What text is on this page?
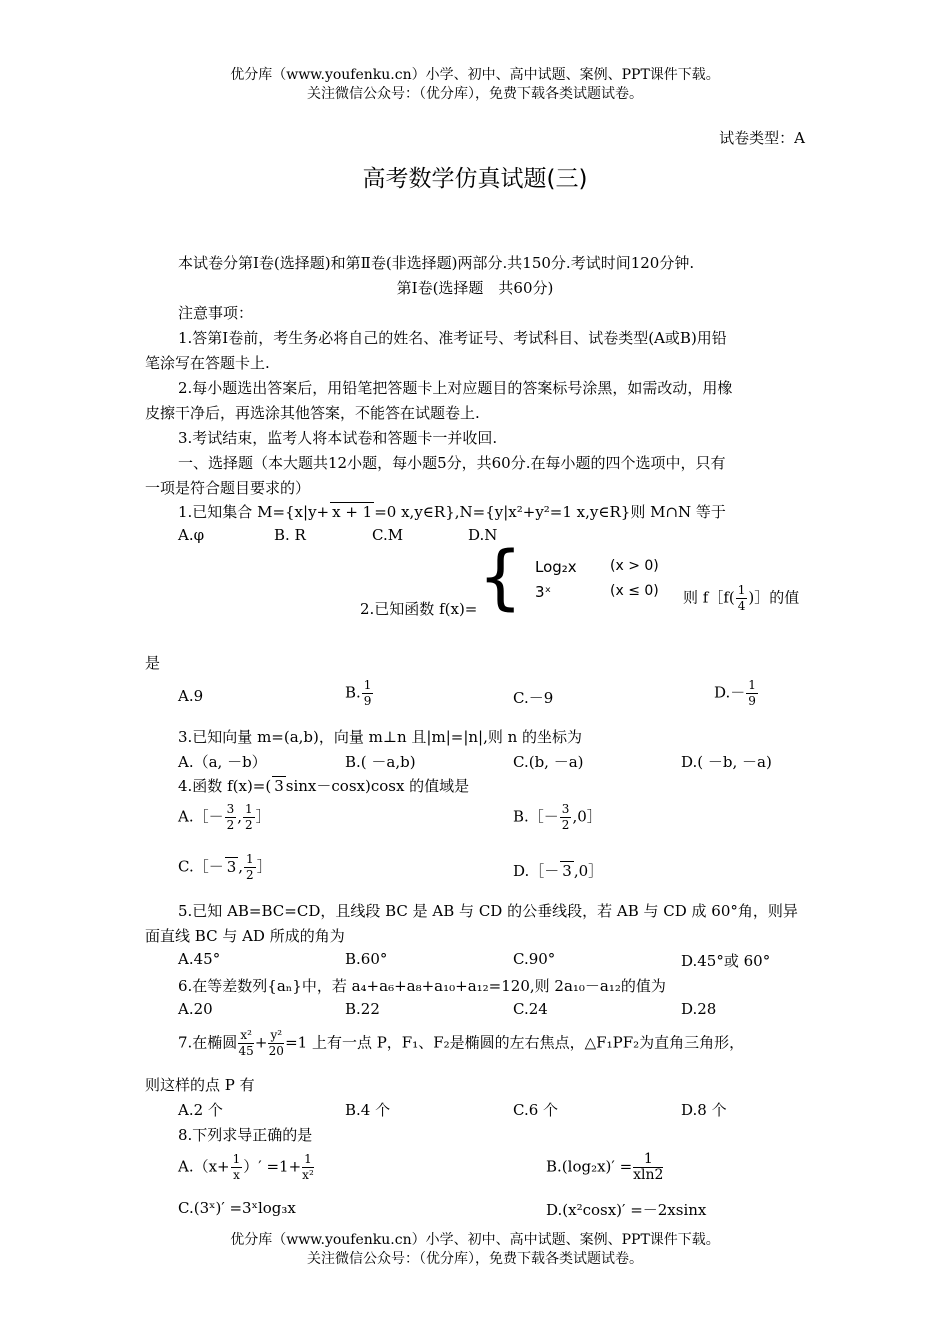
优分库（www.youfenku.cn）小学、初中、高中试题、案例、PPT课件下载。
关注微信公众号：（优分库），免费下载各类试题试卷。
试卷类型：A
高考数学仿真试题(三)
本试卷分第Ⅰ卷(选择题)和第Ⅱ卷(非选择题)两部分.共150分.考试时间120分钟.
第Ⅰ卷(选择题　共60分)
注意事项：
1.答第Ⅰ卷前，考生务必将自己的姓名、准考证号、考试科目、试卷类型(A或B)用铅
笔涂写在答题卡上.
2.每小题选出答案后，用铅笔把答题卡上对应题目的答案标号涂黑，如需改动，用橡
皮擦干净后，再选涂其他答案，不能答在试题卷上.
3.考试结束，监考人将本试卷和答题卡一并收回.
一、选择题（本大题共12小题，每小题5分，共60分.在每小题的四个选项中，只有
一项是符合题目要求的）
1.已知集合 M={x|y+ x + 1 =0 x,y∈R},N={y|x²+y²=1 x,y∈R}则 M∩N 等于
A.φ	B. R	C.M	D.N
{ Log₂x (x > 0)
3ˣ	(x ≤ 0)
2.已知函数 f(x)=
则 f［f( $\frac{1}{4}$ )］的值
是
A.9	B. $\frac{1}{9}$	C.－9	$D.- \frac{1}{9}$
3.已知向量 m=(a,b)，向量 m⊥n 且|m|=|n|,则 n 的坐标为
A.（a, －b）	B.( －a,b)	C.(b, －a)	D.( －b, －a)
4.函数 f(x)=( 3 sinx－cosx)cosx 的值域是
A.［－ $\frac{3}{2}$ , $\frac{1}{2}$ ］	B.［－ $\frac{3}{2}$ ,0］
C.［－ 3 , $\frac{1}{2}$ ］	D.［－ 3 ,0］
5.已知 AB=BC=CD，且线段 BC 是 AB 与 CD 的公垂线段，若 AB 与 CD 成 60°角，则异
面直线 BC 与 AD 所成的角为
A.45°	B.60°	C.90°	D.45°或 60°
6.在等差数列{aₙ}中，若 a₄+a₆+a₈+a₁₀+a₁₂=120,则 2a₁₀－a₁₂的值为
A.20	B.22	C.24	D.28
7.在椭圆 $\frac{\text{x²}}{45} + \frac{\text{y²}}{20} =1$ 上有一点 P，F₁、F₂是椭圆的左右焦点，△F₁PF₂为直角三角形，
则这样的点 P 有
A.2 个	B.4 个	C.6 个	D.8 个
8.下列求导正确的是
$A.(x+ \frac{1}{x}$ ）′ $=1+ \frac{1}{\text{x²}}$	$B.(\log_2x)' = \frac{1}{xln2}$
C.(3ˣ)′ =3ˣlog₃x	D.(x²cosx)′ =－2xsinx
优分库（www.youfenku.cn）小学、初中、高中试题、案例、PPT课件下载。
关注微信公众号：（优分库），免费下载各类试题试卷。
